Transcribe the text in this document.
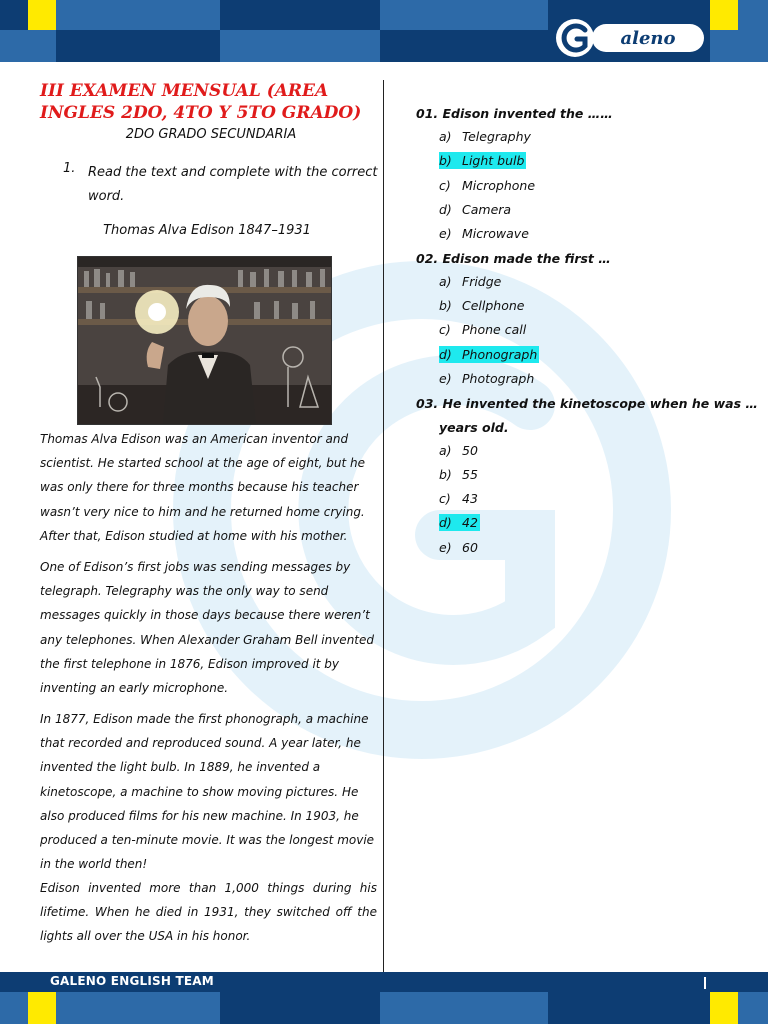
aleno
III EXAMEN MENSUAL (AREA INGLES 2DO, 4TO Y 5TO GRADO)
2DO GRADO SECUNDARIA
1. Read the text and complete with the correct word.
Thomas Alva Edison 1847–1931

Thomas Alva Edison was an American inventor and scientist. He started school at the age of eight, but he was only there for three months because his teacher wasn’t very nice to him and he returned home crying. After that, Edison studied at home with his mother.

One of Edison’s first jobs was sending messages by telegraph. Telegraphy was the only way to send messages quickly in those days because there weren’t any telephones. When Alexander Graham Bell invented the first telephone in 1876, Edison improved it by inventing an early microphone.

In 1877, Edison made the first phonograph, a machine that recorded and reproduced sound. A year later, he invented the light bulb. In 1889, he invented a kinetoscope, a machine to show moving pictures. He also produced films for his new machine. In 1903, he produced a ten-minute movie. It was the longest movie in the world then!

Edison invented more than 1,000 things during his lifetime. When he died in 1931, they switched off the lights all over the USA in his honor.

01. Edison invented the ……
a) Telegraphy
b) Light bulb
c) Microphone
d) Camera
e) Microwave
02. Edison made the first …
a) Fridge
b) Cellphone
c) Phone call
d) Phonograph
e) Photograph
03. He invented the kinetoscope when he was …
years old.
a) 50
b) 55
c) 43
d) 42
e) 60
GALENO ENGLISH TEAM
